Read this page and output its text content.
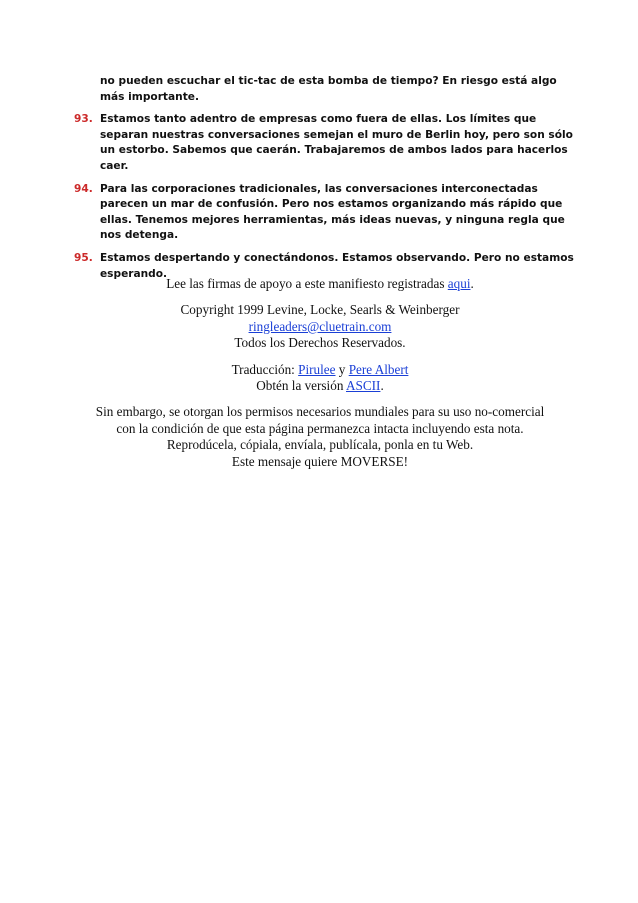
no pueden escuchar el tic-tac de esta bomba de tiempo? En riesgo está algo
más importante.
93. Estamos tanto adentro de empresas como fuera de ellas. Los límites que
separan nuestras conversaciones semejan el muro de Berlin hoy, pero son sólo
un estorbo. Sabemos que caerán. Trabajaremos de ambos lados para hacerlos
caer.
94. Para las corporaciones tradicionales, las conversaciones interconectadas
parecen un mar de confusión. Pero nos estamos organizando más rápido que
ellas. Tenemos mejores herramientas, más ideas nuevas, y ninguna regla que
nos detenga.
95. Estamos despertando y conectándonos. Estamos observando. Pero no estamos
esperando.

Lee las firmas de apoyo a este manifiesto registradas aqui.

Copyright 1999 Levine, Locke, Searls & Weinberger
ringleaders@cluetrain.com
Todos los Derechos Reservados.

Traducción: Pirulee y Pere Albert
Obtén la versión ASCII.

Sin embargo, se otorgan los permisos necesarios mundiales para su uso no-comercial
con la condición de que esta página permanezca intacta incluyendo esta nota.
Reprodúcela, cópiala, envíala, publícala, ponla en tu Web.
Este mensaje quiere MOVERSE!
